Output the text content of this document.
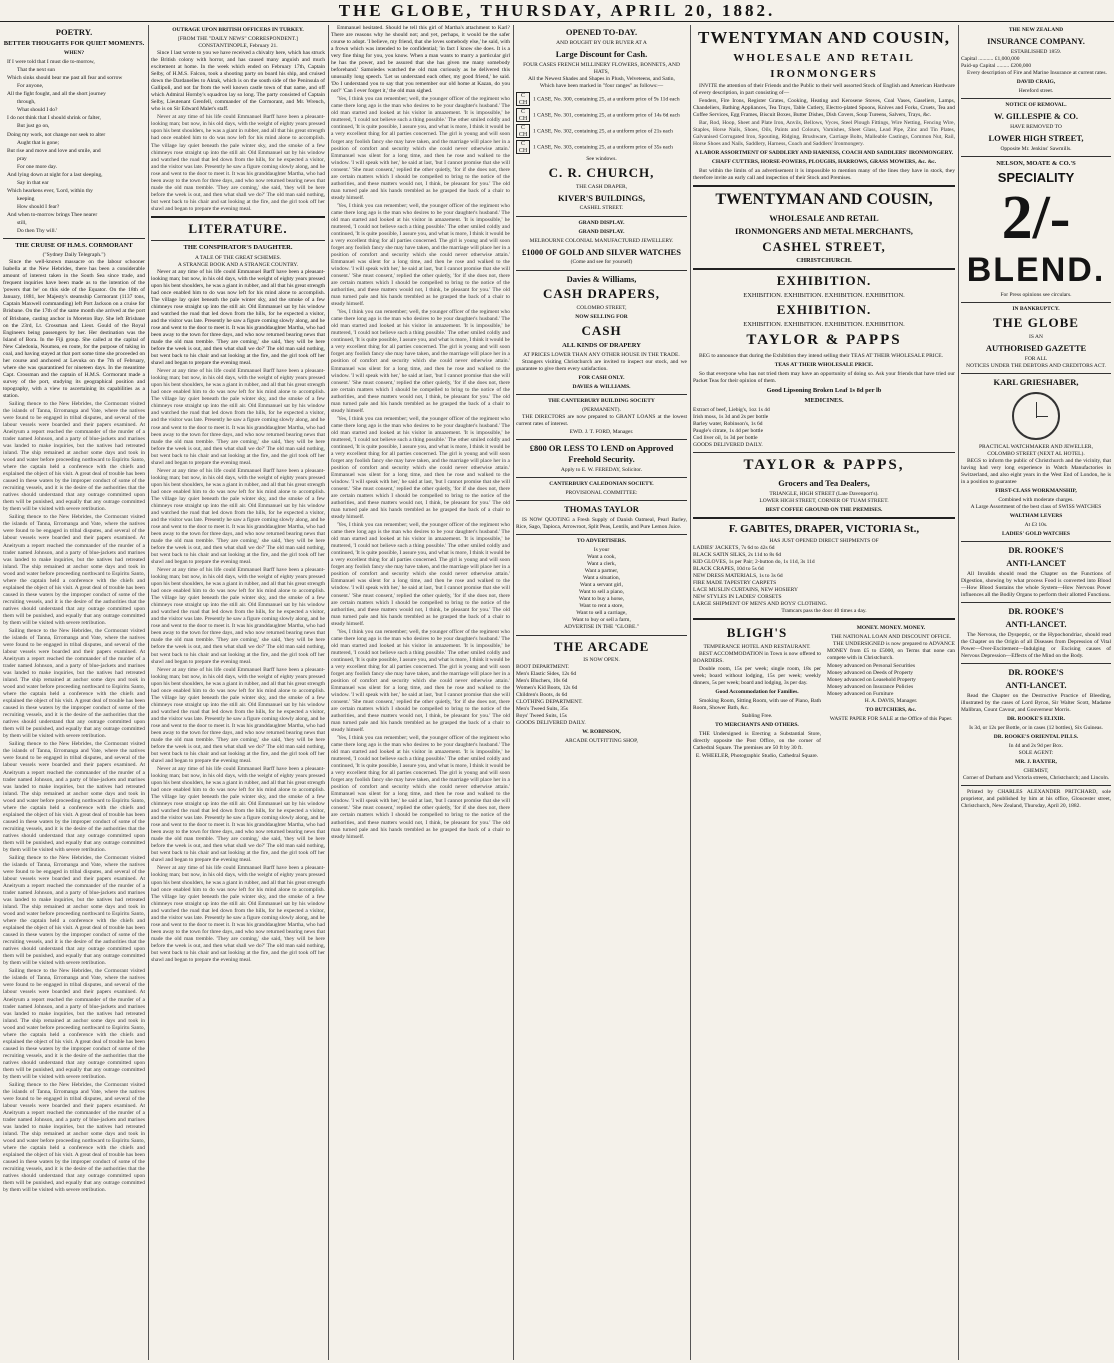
THE GLOBE, THURSDAY, APRIL 20, 1882.
POETRY.
BETTER THOUGHTS FOR QUIET MOMENTS.
WHEN?

If I were told that I must die to-morrow,

That the next sun

Which sinks should bear me past all fear and sorrow

For anyone,

All the fight fought, and all the short journey

through,

What should I do?

I do not think that I should shrink or falter,

But just go on,

Doing my work, not change nor seek to alter

Aught that is gone;

But rise and move and love and smile, and

pray

For one more day.

And lying down at night for a last sleeping,

Say in that ear

Which hearkens ever, 'Lord, within thy

keeping

How should I fear?

And when to-morrow brings Thee nearer

still,

Do then Thy will.'

THE CRUISE OF H.M.S. CORMORANT
("Sydney Daily Telegraph.")

Since the well-known massacre on the labour schooner Isabella at the New Hebrides, there has been a considerable amount of interest taken in the South Sea since trade, and frequent inquiries have been made as to the intention of the 'powers that be' on this side of the Equator. On the 18th of January, 1881, her Majesty's steamship Cormorant (1137 tons, Captain Maxwell commanding) left Port Jackson on a cruise for Brisbane. On the 17th of the same month she arrived at the port of Brisbane, casting anchor in Moreton Bay. She left Brisbane on the 23rd, Lt. Crossman and Lieut. Gould of the Royal Engineers being passengers by her. Her destination was the Island of Bora. In the Fiji group. She called at the capital of New Caledonia, Noumea, en route, for the purpose of taking in coal, and having stayed at that port some time she proceeded on her course and anchored at Levuka on the 7th of February, where she was quarantined for nineteen days. In the meantime Capt. Crossman and the captain of H.M.S. Cormorant made a survey of the port, studying its geographical position and topography, with a view to ascertaining its capabilities as a station.

Sailing thence to the New Hebrides, the Cormorant visited the islands of Tanna, Erromanga and Vate, where the natives were found to be engaged in tribal disputes, and several of the labour vessels were boarded and their papers examined. At Aneityum a report reached the commander of the murder of a trader named Johnson, and a party of blue-jackets and marines was landed to make inquiries, but the natives had retreated inland. The ship remained at anchor some days and took in wood and water before proceeding northward to Espiritu Santo, where the captain held a conference with the chiefs and explained the object of his visit. A great deal of trouble has been caused in these waters by the improper conduct of some of the recruiting vessels, and it is the desire of the authorities that the natives should understand that any outrage committed upon them will be punished, and equally that any outrage committed by them will be visited with severe retribution.

Sailing thence to the New Hebrides, the Cormorant visited the islands of Tanna, Erromanga and Vate, where the natives were found to be engaged in tribal disputes, and several of the labour vessels were boarded and their papers examined. At Aneityum a report reached the commander of the murder of a trader named Johnson, and a party of blue-jackets and marines was landed to make inquiries, but the natives had retreated inland. The ship remained at anchor some days and took in wood and water before proceeding northward to Espiritu Santo, where the captain held a conference with the chiefs and explained the object of his visit. A great deal of trouble has been caused in these waters by the improper conduct of some of the recruiting vessels, and it is the desire of the authorities that the natives should understand that any outrage committed upon them will be punished, and equally that any outrage committed by them will be visited with severe retribution.

Sailing thence to the New Hebrides, the Cormorant visited the islands of Tanna, Erromanga and Vate, where the natives were found to be engaged in tribal disputes, and several of the labour vessels were boarded and their papers examined. At Aneityum a report reached the commander of the murder of a trader named Johnson, and a party of blue-jackets and marines was landed to make inquiries, but the natives had retreated inland. The ship remained at anchor some days and took in wood and water before proceeding northward to Espiritu Santo, where the captain held a conference with the chiefs and explained the object of his visit. A great deal of trouble has been caused in these waters by the improper conduct of some of the recruiting vessels, and it is the desire of the authorities that the natives should understand that any outrage committed upon them will be punished, and equally that any outrage committed by them will be visited with severe retribution.

Sailing thence to the New Hebrides, the Cormorant visited the islands of Tanna, Erromanga and Vate, where the natives were found to be engaged in tribal disputes, and several of the labour vessels were boarded and their papers examined. At Aneityum a report reached the commander of the murder of a trader named Johnson, and a party of blue-jackets and marines was landed to make inquiries, but the natives had retreated inland. The ship remained at anchor some days and took in wood and water before proceeding northward to Espiritu Santo, where the captain held a conference with the chiefs and explained the object of his visit. A great deal of trouble has been caused in these waters by the improper conduct of some of the recruiting vessels, and it is the desire of the authorities that the natives should understand that any outrage committed upon them will be punished, and equally that any outrage committed by them will be visited with severe retribution.

Sailing thence to the New Hebrides, the Cormorant visited the islands of Tanna, Erromanga and Vate, where the natives were found to be engaged in tribal disputes, and several of the labour vessels were boarded and their papers examined. At Aneityum a report reached the commander of the murder of a trader named Johnson, and a party of blue-jackets and marines was landed to make inquiries, but the natives had retreated inland. The ship remained at anchor some days and took in wood and water before proceeding northward to Espiritu Santo, where the captain held a conference with the chiefs and explained the object of his visit. A great deal of trouble has been caused in these waters by the improper conduct of some of the recruiting vessels, and it is the desire of the authorities that the natives should understand that any outrage committed upon them will be punished, and equally that any outrage committed by them will be visited with severe retribution.

Sailing thence to the New Hebrides, the Cormorant visited the islands of Tanna, Erromanga and Vate, where the natives were found to be engaged in tribal disputes, and several of the labour vessels were boarded and their papers examined. At Aneityum a report reached the commander of the murder of a trader named Johnson, and a party of blue-jackets and marines was landed to make inquiries, but the natives had retreated inland. The ship remained at anchor some days and took in wood and water before proceeding northward to Espiritu Santo, where the captain held a conference with the chiefs and explained the object of his visit. A great deal of trouble has been caused in these waters by the improper conduct of some of the recruiting vessels, and it is the desire of the authorities that the natives should understand that any outrage committed upon them will be punished, and equally that any outrage committed by them will be visited with severe retribution.

Sailing thence to the New Hebrides, the Cormorant visited the islands of Tanna, Erromanga and Vate, where the natives were found to be engaged in tribal disputes, and several of the labour vessels were boarded and their papers examined. At Aneityum a report reached the commander of the murder of a trader named Johnson, and a party of blue-jackets and marines was landed to make inquiries, but the natives had retreated inland. The ship remained at anchor some days and took in wood and water before proceeding northward to Espiritu Santo, where the captain held a conference with the chiefs and explained the object of his visit. A great deal of trouble has been caused in these waters by the improper conduct of some of the recruiting vessels, and it is the desire of the authorities that the natives should understand that any outrage committed upon them will be punished, and equally that any outrage committed by them will be visited with severe retribution.

OUTRAGE UPON BRITISH OFFICERS IN TURKEY.
[FROM THE "DAILY NEWS" CORRESPONDENT.]
CONSTANTINOPLE, February 21.

Since I last wrote to you we have received a chivalry here, which has struck the British colony with horror, and has caused many anguish and much excitement at home. In the week which ended on February 17th, Captain Selby, of H.M.S. Falcon, took a shooting party on board his ship, and cruised down the Dardanelles to Aktak, which is on the south side of the Peninsula of Gallipoli, and not far from the well known castle town of that name, and off which Admiral Hornby's squadron lay so long. The party consisted of Captain Selby, Lieutenant Grenfell, commander of the Cormorant, and Mr. Wrench, who is on Sir Edward Malet's staff.

Never at any time of his life could Emmanuel Barff have been a pleasant-looking man; but now, in his old days, with the weight of eighty years pressed upon his bent shoulders, he was a giant in rubber, and all that his great strength had once enabled him to do was now left for his mind alone to accomplish. The village lay quiet beneath the pale winter sky, and the smoke of a few chimneys rose straight up into the still air. Old Emmanuel sat by his window and watched the road that led down from the hills, for he expected a visitor, and the visitor was late. Presently he saw a figure coming slowly along, and he rose and went to the door to meet it. It was his granddaughter Martha, who had been away to the town for three days, and who now returned bearing news that made the old man tremble. 'They are coming,' she said, 'they will be here before the week is out, and then what shall we do?' The old man said nothing, but went back to his chair and sat looking at the fire, and the girl took off her shawl and began to prepare the evening meal.

LITERATURE.
THE CONSPIRATOR'S DAUGHTER.
A TALE OF THE GREAT SCHEMES.
A STRANGE BOOK AND A STRANGE COUNTRY.

Never at any time of his life could Emmanuel Barff have been a pleasant-looking man; but now, in his old days, with the weight of eighty years pressed upon his bent shoulders, he was a giant in rubber, and all that his great strength had once enabled him to do was now left for his mind alone to accomplish. The village lay quiet beneath the pale winter sky, and the smoke of a few chimneys rose straight up into the still air. Old Emmanuel sat by his window and watched the road that led down from the hills, for he expected a visitor, and the visitor was late. Presently he saw a figure coming slowly along, and he rose and went to the door to meet it. It was his granddaughter Martha, who had been away to the town for three days, and who now returned bearing news that made the old man tremble. 'They are coming,' she said, 'they will be here before the week is out, and then what shall we do?' The old man said nothing, but went back to his chair and sat looking at the fire, and the girl took off her shawl and began to prepare the evening meal.

Never at any time of his life could Emmanuel Barff have been a pleasant-looking man; but now, in his old days, with the weight of eighty years pressed upon his bent shoulders, he was a giant in rubber, and all that his great strength had once enabled him to do was now left for his mind alone to accomplish. The village lay quiet beneath the pale winter sky, and the smoke of a few chimneys rose straight up into the still air. Old Emmanuel sat by his window and watched the road that led down from the hills, for he expected a visitor, and the visitor was late. Presently he saw a figure coming slowly along, and he rose and went to the door to meet it. It was his granddaughter Martha, who had been away to the town for three days, and who now returned bearing news that made the old man tremble. 'They are coming,' she said, 'they will be here before the week is out, and then what shall we do?' The old man said nothing, but went back to his chair and sat looking at the fire, and the girl took off her shawl and began to prepare the evening meal.

Never at any time of his life could Emmanuel Barff have been a pleasant-looking man; but now, in his old days, with the weight of eighty years pressed upon his bent shoulders, he was a giant in rubber, and all that his great strength had once enabled him to do was now left for his mind alone to accomplish. The village lay quiet beneath the pale winter sky, and the smoke of a few chimneys rose straight up into the still air. Old Emmanuel sat by his window and watched the road that led down from the hills, for he expected a visitor, and the visitor was late. Presently he saw a figure coming slowly along, and he rose and went to the door to meet it. It was his granddaughter Martha, who had been away to the town for three days, and who now returned bearing news that made the old man tremble. 'They are coming,' she said, 'they will be here before the week is out, and then what shall we do?' The old man said nothing, but went back to his chair and sat looking at the fire, and the girl took off her shawl and began to prepare the evening meal.

Never at any time of his life could Emmanuel Barff have been a pleasant-looking man; but now, in his old days, with the weight of eighty years pressed upon his bent shoulders, he was a giant in rubber, and all that his great strength had once enabled him to do was now left for his mind alone to accomplish. The village lay quiet beneath the pale winter sky, and the smoke of a few chimneys rose straight up into the still air. Old Emmanuel sat by his window and watched the road that led down from the hills, for he expected a visitor, and the visitor was late. Presently he saw a figure coming slowly along, and he rose and went to the door to meet it. It was his granddaughter Martha, who had been away to the town for three days, and who now returned bearing news that made the old man tremble. 'They are coming,' she said, 'they will be here before the week is out, and then what shall we do?' The old man said nothing, but went back to his chair and sat looking at the fire, and the girl took off her shawl and began to prepare the evening meal.

Never at any time of his life could Emmanuel Barff have been a pleasant-looking man; but now, in his old days, with the weight of eighty years pressed upon his bent shoulders, he was a giant in rubber, and all that his great strength had once enabled him to do was now left for his mind alone to accomplish. The village lay quiet beneath the pale winter sky, and the smoke of a few chimneys rose straight up into the still air. Old Emmanuel sat by his window and watched the road that led down from the hills, for he expected a visitor, and the visitor was late. Presently he saw a figure coming slowly along, and he rose and went to the door to meet it. It was his granddaughter Martha, who had been away to the town for three days, and who now returned bearing news that made the old man tremble. 'They are coming,' she said, 'they will be here before the week is out, and then what shall we do?' The old man said nothing, but went back to his chair and sat looking at the fire, and the girl took off her shawl and began to prepare the evening meal.

Never at any time of his life could Emmanuel Barff have been a pleasant-looking man; but now, in his old days, with the weight of eighty years pressed upon his bent shoulders, he was a giant in rubber, and all that his great strength had once enabled him to do was now left for his mind alone to accomplish. The village lay quiet beneath the pale winter sky, and the smoke of a few chimneys rose straight up into the still air. Old Emmanuel sat by his window and watched the road that led down from the hills, for he expected a visitor, and the visitor was late. Presently he saw a figure coming slowly along, and he rose and went to the door to meet it. It was his granddaughter Martha, who had been away to the town for three days, and who now returned bearing news that made the old man tremble. 'They are coming,' she said, 'they will be here before the week is out, and then what shall we do?' The old man said nothing, but went back to his chair and sat looking at the fire, and the girl took off her shawl and began to prepare the evening meal.

Never at any time of his life could Emmanuel Barff have been a pleasant-looking man; but now, in his old days, with the weight of eighty years pressed upon his bent shoulders, he was a giant in rubber, and all that his great strength had once enabled him to do was now left for his mind alone to accomplish. The village lay quiet beneath the pale winter sky, and the smoke of a few chimneys rose straight up into the still air. Old Emmanuel sat by his window and watched the road that led down from the hills, for he expected a visitor, and the visitor was late. Presently he saw a figure coming slowly along, and he rose and went to the door to meet it. It was his granddaughter Martha, who had been away to the town for three days, and who now returned bearing news that made the old man tremble. 'They are coming,' she said, 'they will be here before the week is out, and then what shall we do?' The old man said nothing, but went back to his chair and sat looking at the fire, and the girl took off her shawl and began to prepare the evening meal.

Emmanuel hesitated. Should he tell this girl of Martha's attachment to Karl? There are reasons why he should not; and yet, perhaps, it would be the safer course to adopt. 'I believe, my friend, that she loves somebody else,' he said, with a frown which was intended to be confidential; 'in fact I know she does. It is a very fine thing for you, you know. When a man wants to marry a particular girl he has the power, and be assured that she has given me many somebody beforehand.' Samoiedes watched the old man curiously as he delivered this unusually long speech. 'Let us understand each other, my good friend,' he said. 'Do I understand you to say that you remember our old home at Kazan, do you not?' 'Can I ever forget it,' the old man sighed.

'Yes, I think you can remember; well, the younger officer of the regiment who came there long ago is the man who desires to be your daughter's husband.' The old man started and looked at his visitor in amazement. 'It is impossible,' he muttered, 'I could not believe such a thing possible.' The other smiled coldly and continued, 'It is quite possible, I assure you, and what is more, I think it would be a very excellent thing for all parties concerned. The girl is young and will soon forget any foolish fancy she may have taken, and the marriage will place her in a position of comfort and security which she could never otherwise attain.' Emmanuel was silent for a long time, and then he rose and walked to the window. 'I will speak with her,' he said at last, 'but I cannot promise that she will consent.' 'She must consent,' replied the other quietly, 'for if she does not, there are certain matters which I should be compelled to bring to the notice of the authorities, and these matters would not, I think, be pleasant for you.' The old man turned pale and his hands trembled as he grasped the back of a chair to steady himself.

'Yes, I think you can remember; well, the younger officer of the regiment who came there long ago is the man who desires to be your daughter's husband.' The old man started and looked at his visitor in amazement. 'It is impossible,' he muttered, 'I could not believe such a thing possible.' The other smiled coldly and continued, 'It is quite possible, I assure you, and what is more, I think it would be a very excellent thing for all parties concerned. The girl is young and will soon forget any foolish fancy she may have taken, and the marriage will place her in a position of comfort and security which she could never otherwise attain.' Emmanuel was silent for a long time, and then he rose and walked to the window. 'I will speak with her,' he said at last, 'but I cannot promise that she will consent.' 'She must consent,' replied the other quietly, 'for if she does not, there are certain matters which I should be compelled to bring to the notice of the authorities, and these matters would not, I think, be pleasant for you.' The old man turned pale and his hands trembled as he grasped the back of a chair to steady himself.

'Yes, I think you can remember; well, the younger officer of the regiment who came there long ago is the man who desires to be your daughter's husband.' The old man started and looked at his visitor in amazement. 'It is impossible,' he muttered, 'I could not believe such a thing possible.' The other smiled coldly and continued, 'It is quite possible, I assure you, and what is more, I think it would be a very excellent thing for all parties concerned. The girl is young and will soon forget any foolish fancy she may have taken, and the marriage will place her in a position of comfort and security which she could never otherwise attain.' Emmanuel was silent for a long time, and then he rose and walked to the window. 'I will speak with her,' he said at last, 'but I cannot promise that she will consent.' 'She must consent,' replied the other quietly, 'for if she does not, there are certain matters which I should be compelled to bring to the notice of the authorities, and these matters would not, I think, be pleasant for you.' The old man turned pale and his hands trembled as he grasped the back of a chair to steady himself.

'Yes, I think you can remember; well, the younger officer of the regiment who came there long ago is the man who desires to be your daughter's husband.' The old man started and looked at his visitor in amazement. 'It is impossible,' he muttered, 'I could not believe such a thing possible.' The other smiled coldly and continued, 'It is quite possible, I assure you, and what is more, I think it would be a very excellent thing for all parties concerned. The girl is young and will soon forget any foolish fancy she may have taken, and the marriage will place her in a position of comfort and security which she could never otherwise attain.' Emmanuel was silent for a long time, and then he rose and walked to the window. 'I will speak with her,' he said at last, 'but I cannot promise that she will consent.' 'She must consent,' replied the other quietly, 'for if she does not, there are certain matters which I should be compelled to bring to the notice of the authorities, and these matters would not, I think, be pleasant for you.' The old man turned pale and his hands trembled as he grasped the back of a chair to steady himself.

'Yes, I think you can remember; well, the younger officer of the regiment who came there long ago is the man who desires to be your daughter's husband.' The old man started and looked at his visitor in amazement. 'It is impossible,' he muttered, 'I could not believe such a thing possible.' The other smiled coldly and continued, 'It is quite possible, I assure you, and what is more, I think it would be a very excellent thing for all parties concerned. The girl is young and will soon forget any foolish fancy she may have taken, and the marriage will place her in a position of comfort and security which she could never otherwise attain.' Emmanuel was silent for a long time, and then he rose and walked to the window. 'I will speak with her,' he said at last, 'but I cannot promise that she will consent.' 'She must consent,' replied the other quietly, 'for if she does not, there are certain matters which I should be compelled to bring to the notice of the authorities, and these matters would not, I think, be pleasant for you.' The old man turned pale and his hands trembled as he grasped the back of a chair to steady himself.

'Yes, I think you can remember; well, the younger officer of the regiment who came there long ago is the man who desires to be your daughter's husband.' The old man started and looked at his visitor in amazement. 'It is impossible,' he muttered, 'I could not believe such a thing possible.' The other smiled coldly and continued, 'It is quite possible, I assure you, and what is more, I think it would be a very excellent thing for all parties concerned. The girl is young and will soon forget any foolish fancy she may have taken, and the marriage will place her in a position of comfort and security which she could never otherwise attain.' Emmanuel was silent for a long time, and then he rose and walked to the window. 'I will speak with her,' he said at last, 'but I cannot promise that she will consent.' 'She must consent,' replied the other quietly, 'for if she does not, there are certain matters which I should be compelled to bring to the notice of the authorities, and these matters would not, I think, be pleasant for you.' The old man turned pale and his hands trembled as he grasped the back of a chair to steady himself.

'Yes, I think you can remember; well, the younger officer of the regiment who came there long ago is the man who desires to be your daughter's husband.' The old man started and looked at his visitor in amazement. 'It is impossible,' he muttered, 'I could not believe such a thing possible.' The other smiled coldly and continued, 'It is quite possible, I assure you, and what is more, I think it would be a very excellent thing for all parties concerned. The girl is young and will soon forget any foolish fancy she may have taken, and the marriage will place her in a position of comfort and security which she could never otherwise attain.' Emmanuel was silent for a long time, and then he rose and walked to the window. 'I will speak with her,' he said at last, 'but I cannot promise that she will consent.' 'She must consent,' replied the other quietly, 'for if she does not, there are certain matters which I should be compelled to bring to the notice of the authorities, and these matters would not, I think, be pleasant for you.' The old man turned pale and his hands trembled as he grasped the back of a chair to steady himself.

OPENED TO-DAY.
AND BOUGHT BY OUR BUYER AT A
Large Discount for Cash.
FOUR CASES FRENCH MILLINERY FLOWERS, BONNETS, AND HATS,
All the Newest Shades and Shapes in Plush, Velveteens, and Satin,
Which have been marked in "four ranges" as follows:—
C
CH1 CASE, No. 300, containing 25, at a uniform price of 9s 11d each
C
CH1 CASE, No. 301, containing 25, at a uniform price of 14s 6d each
C
CH1 CASE, No. 302, containing 25, at a uniform price of 21s each
C
CH1 CASE, No. 303, containing 25, at a uniform price of 35s each
See windows.
C. R. CHURCH,
THE CASH DRAPER,
KIVER'S BUILDINGS,
CASHEL STREET.
GRAND DISPLAY.
GRAND DISPLAY.
MELBOURNE COLONIAL MANUFACTURED JEWELLERY.
£1000 OF GOLD AND SILVER WATCHES
(Come and see for yourself)
Davies & Williams,
CASH DRAPERS,
COLOMBO STREET,
NOW SELLING FOR
CASH
ALL KINDS OF DRAPERY
AT PRICES LOWER THAN ANY OTHER HOUSE IN THE TRADE.

Strangers visiting Christchurch are invited to inspect our stock, and we guarantee to give them every satisfaction.

FOR CASH ONLY.
DAVIES & WILLIAMS.
THE CANTERBURY BUILDING SOCIETY
(PERMANENT).

THE DIRECTORS are now prepared to GRANT LOANS at the lowest current rates of interest.

EWD. J. T. FORD, Manager.
£800 OR LESS TO LEND on Approved Freehold Security.
Apply to E. W. FEREDAY, Solicitor.
CANTERBURY CALEDONIAN SOCIETY.
PROVISIONAL COMMITTEE:
THOMAS TAYLOR

IS NOW QUOTING a Fresh Supply of Danish Oatmeal, Pearl Barley, Rice, Sago, Tapioca, Arrowroot, Split Peas, Lentils, and Pure Lemon Juice.

TO ADVERTISERS.
Is your
Want a cook,
Want a clerk,
Want a partner,
Want a situation,
Want a servant girl,
Want to sell a piano,
Want to buy a horse,
Want to rent a store,
Want to sell a carriage,
Want to buy or sell a farm,
ADVERTISE IN THE "GLOBE."
THE ARCADE
IS NOW OPEN.
BOOT DEPARTMENT.
Men's Elastic Sides, 12s 6d
Men's Bluchers, 10s 6d
Women's Kid Boots, 12s 6d
Children's Boots, 4s 6d
CLOTHING DEPARTMENT.
Men's Tweed Suits, 35s
Boys' Tweed Suits, 15s
GOODS DELIVERED DAILY.
W. ROBINSON,
ARCADE OUTFITTING SHOP,
TWENTYMAN AND COUSIN,
WHOLESALE AND RETAIL
IRONMONGERS

INVITE the attention of their Friends and the Public to their well assorted Stock of English and American Hardware of every description, in part consisting of—

Fenders, Fire Irons, Register Grates, Cooking, Heating and Kerosene Stoves, Coal Vases, Gaseliers, Lamps, Chandeliers, Bathing Appliances, Tea Trays, Table Cutlery, Electro-plated Spoons, Knives and Forks, Cruets, Tea and Coffee Services, Egg Frames, Biscuit Boxes, Butter Dishes, Dish Covers, Soup Tureens, Salvers, Trays, &c.

Bar, Rod, Hoop, Sheet and Plate Iron, Anvils, Bellows, Vyces, Steel Plough Fittings, Wire Netting, Fencing Wire, Staples, Horse Nails, Shoes, Oils, Paints and Colours, Varnishes, Sheet Glass, Lead Pipe, Zinc and Tin Plates, Galvanised Corrugated Iron, Spouting, Ridging, Brushware, Carriage Bolts, Malleable Castings, Common Nut, Rail, Horse Shoes and Nails, Saddlery, Harness, Coach and Saddlers' Ironmongery.

A LABOR ASSORTMENT OF SADDLERY AND HARNESS, COACH AND SADDLERS' IRONMONGERY.
CHAFF CUTTERS, HORSE-POWERS, PLOUGHS, HARROWS, GRASS MOWERS, &c. &c.

But within the limits of an advertisement it is impossible to mention many of the lines they have in stock, they therefore invite an early call and inspection of their Stock and Premises.

TWENTYMAN AND COUSIN,
WHOLESALE AND RETAIL
IRONMONGERS AND METAL MERCHANTS,
CASHEL STREET,
CHRISTCHURCH.
EXHIBITION.
EXHIBITION. EXHIBITION. EXHIBITION. EXHIBITION.
EXHIBITION.
EXHIBITION. EXHIBITION. EXHIBITION. EXHIBITION.
TAYLOR & PAPPS

BEG to announce that during the Exhibition they intend selling their TEAS AT THEIR WHOLESALE PRICE.

TEAS AT THEIR WHOLESALE PRICE.

So that everyone who has not tried them may have an opportunity of doing so. Ask your friends that have tried our Packet Teas for their opinion of them.

Good Lipsoning Broken Leaf 1s 8d per lb
MEDICINES.
Extract of beef, Liebig's, 1oz 1s 4d
Irish moss, 1s 3d and 2s per bottle
Barley water, Robinson's, 1s 6d
Paugle's citrate, 1s 4d per bottle
Cod liver oil, 1s 3d per bottle
GOODS DELIVERED DAILY.
TAYLOR & PAPPS,
Grocers and Tea Dealers,
TRIANGLE, HIGH STREET (Late Davenport's).
LOWER HIGH STREET, CORNER OF TUAM STREET.
BEST COFFEE GROUND ON THE PREMISES.
F. GABITES, DRAPER, VICTORIA St.,
HAS JUST OPENED DIRECT SHIPMENTS OF
LADIES' JACKETS, 7s 6d to 42s 6d
BLACK SATIN SILKS, 2s 11d to 8s 6d
KID GLOVES, 1s per Pair; 2-button do, 1s 11d, 3s 11d
BLACK CRAPES, 10d to 5s 6d
NEW DRESS MATERIALS, 1s to 3s 6d
FIRE MADE TAPESTRY CARPETS
LACE MUSLIN CURTAINS, NEW HOSIERY
NEW STYLES IN LADIES' CORSETS
LARGE SHIPMENT OF MEN'S AND BOYS' CLOTHING.
Tramcars pass the door 40 times a day.
BLIGH'S
TEMPERANCE HOTEL AND RESTAURANT.

BEST ACCOMMODATION in Town is now offered to BOARDERS.

Double room, 15s per week; single room, 18s per week; board without lodging, 15s per week; weekly dinners, 5s per week; board and lodging, 3s per day.

Good Accommodation for Families.

Smoking Room, Sitting Room, with use of Piano, Bath Room, Shower Bath, &c.

Stabling Free.
TO MERCHANTS AND OTHERS.

THE Undersigned is Erecting a Substantial Store, directly opposite the Post Office, on the corner of Cathedral Square. The premises are 50 ft by 30 ft.

E. WHEELER, Photographic Studio, Cathedral Square.
MONEY. MONEY. MONEY.
THE NATIONAL LOAN AND DISCOUNT OFFICE.

THE UNDERSIGNED is now prepared to ADVANCE MONEY from £5 to £5000, on Terms that none can compete with in Christchurch.

Money advanced on Personal Securities
Money advanced on Deeds of Property
Money advanced on Leasehold Property
Money advanced on Insurance Policies
Money advanced on Furniture
H. A. DAVIS, Manager.
TO BUTCHERS, &c.
WASTE PAPER FOR SALE at the Office of this Paper.
THE NEW ZEALAND
INSURANCE COMPANY.
ESTABLISHED 1859.
Capital ........... £1,000,000
Paid-up Capital ......... £200,000

Every description of Fire and Marine Insurance at current rates.

DAVID CRAIG,
Hereford street.
NOTICE OF REMOVAL.
W. GILLESPIE & CO.
HAVE REMOVED TO
LOWER HIGH STREET,
Opposite Mr. Jenkins' Sawmills.
NELSON, MOATE & CO.'S
SPECIALITY
2/-
BLEND.
For Press opinions see circulars.
IN BANKRUPTCY.
THE GLOBE
IS AN
AUTHORISED GAZETTE
FOR ALL
NOTICES UNDER THE DEBTORS AND CREDITORS ACT.
KARL GRIESHABER,
PRACTICAL WATCHMAKER AND JEWELLER,
COLOMBO STREET (NEXT AL HOTEL).

BEGS to inform the public of Christchurch and the vicinity, that having had very long experience in Watch Manufactories in Switzerland, and also eight years in the West End of London, he is in a position to guarantee

FIRST-CLASS WORKMANSHIP,
Combined with moderate charges.
A Large Assortment of the best class of SWISS WATCHES
WALTHAM LEVERS
At £3 10s.
LADIES' GOLD WATCHES
DR. ROOKE'S
ANTI-LANCET

All Invalids should read the Chapter on the Functions of Digestion, showing by what process Food is converted into Blood—How Blood Sustains the whole System—How Nervous Power influences all the Bodily Organs to perform their allotted Functions.

DR. ROOKE'S
ANTI-LANCET.

The Nervous, the Dyspeptic, or the Hypochondriac, should read the Chapter on the Origin of all Diseases from Depression of Vital Power—Over-Excitement—Indulging or Excising causes of Nervous Depression—Effects of the Mind on the Body.

DR. ROOKE'S
ANTI-LANCET.

Read the Chapter on the Destructive Practice of Bleeding, illustrated by the cases of Lord Byron, Sir Walter Scott, Madame Malibran, Count Cavour, and Gouverneur Morris.

DR. ROOKE'S ELIXIR.
Is 3d, or 12s per Bottle, or in cases (12 bottles), Six Guineas.
DR. ROOKE'S ORIENTAL PILLS.
In 4d and 2s 9d per Box.
SOLE AGENT:
MR. J. BAXTER,
CHEMIST,
Corner of Durham and Victoria streets, Christchurch; and Lincoln.

Printed by CHARLES ALEXANDER PRITCHARD, sole proprietor, and published by him at his office, Gloucester street, Christchurch, New Zealand, Thursday, April 20, 1882.
